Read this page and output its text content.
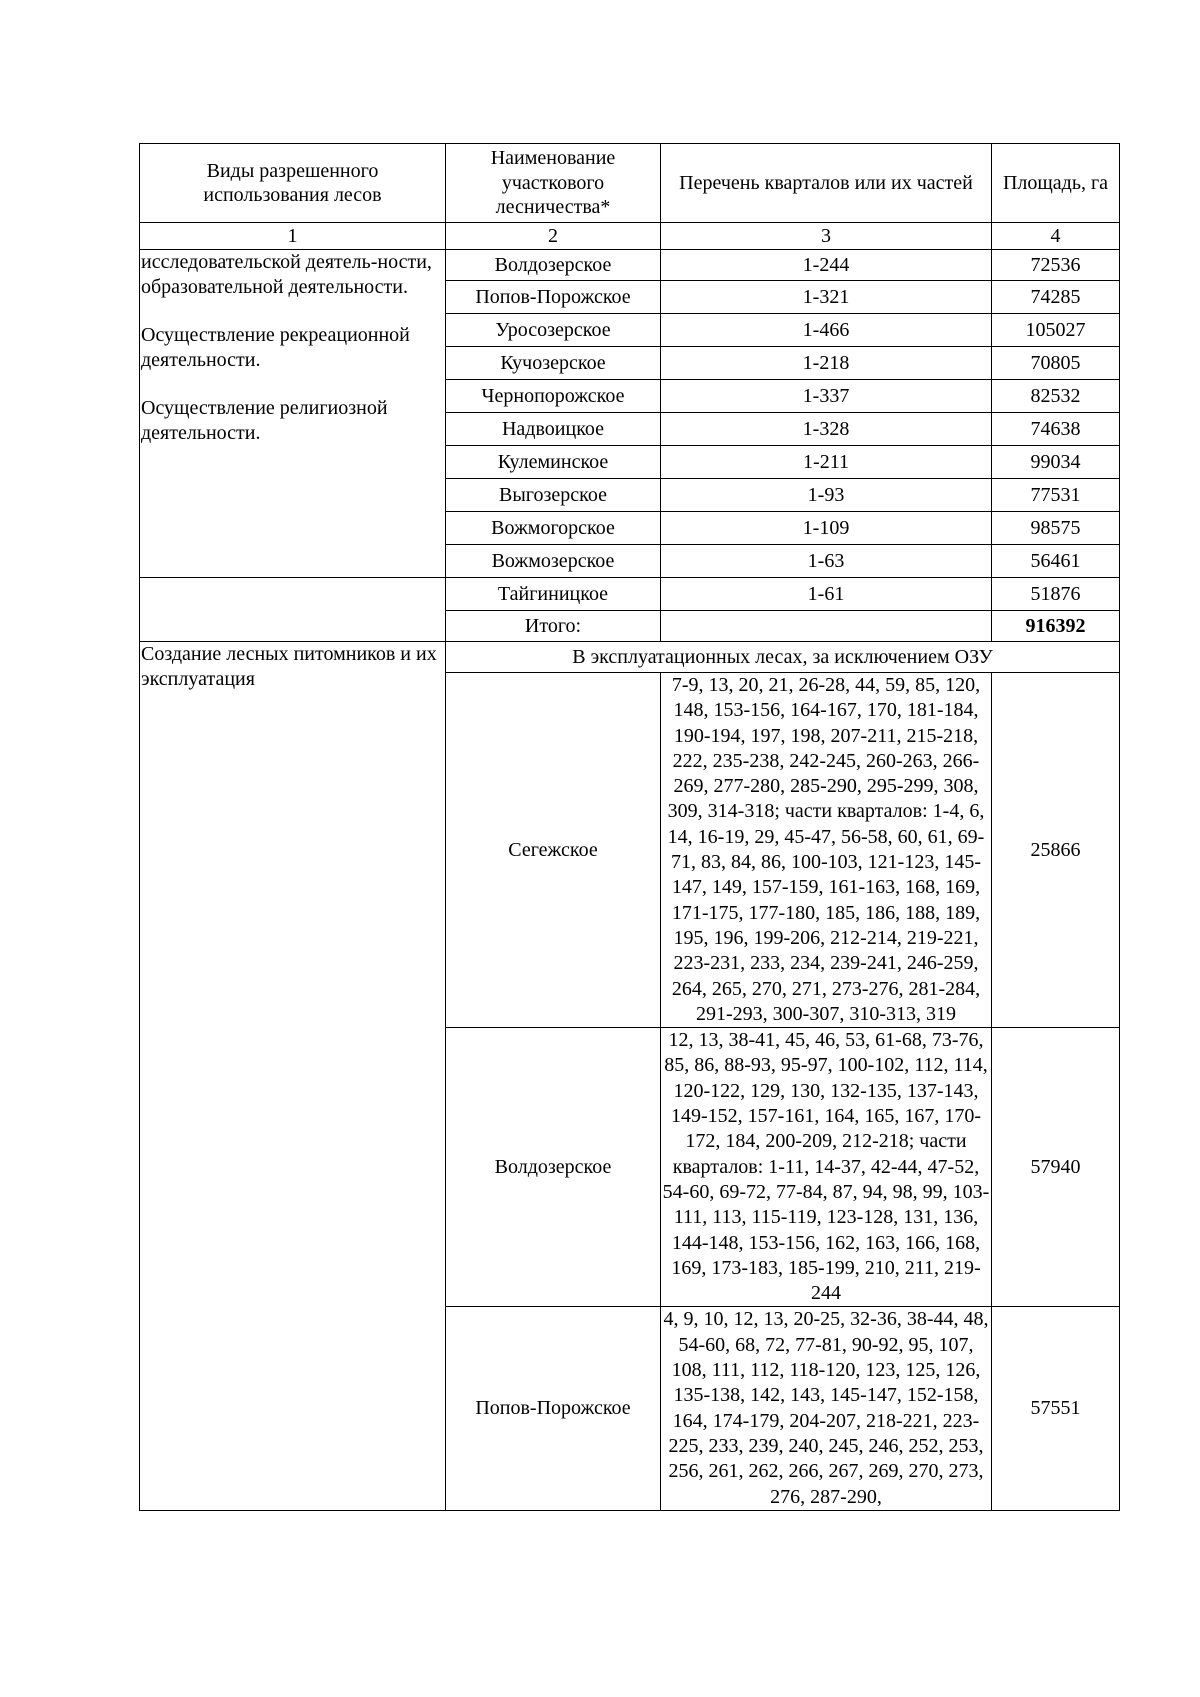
Виды разрешенного использования лесов	Наименование участкового лесничества*	Перечень кварталов или их частей	Площадь, га
1	2	3	4

исследовательской деятель-ности, образовательной деятельности.

Осуществление рекреационной деятельности.

Осуществление религиозной деятельности.	Волдозерское	1-244	72536
	Попов-Порожское	1-321	74285
	Уросозерское	1-466	105027
	Кучозерское	1-218	70805
	Чернопорожское	1-337	82532
	Надвоицкое	1-328	74638
	Кулеминское	1-211	99034
	Выгозерское	1-93	77531
	Вожмогорское	1-109	98575
	Вожмозерское	1-63	56461
	Тайгиницкое	1-61	51876
	Итого:		916392
Создание лесных питомников и их эксплуатация	В эксплуатационных лесах, за исключением ОЗУ		
	Сегежское	7-9, 13, 20, 21, 26-28, 44, 59, 85, 120, 148, 153-156, 164-167, 170, 181-184, 190-194, 197, 198, 207-211, 215-218, 222, 235-238, 242-245, 260-263, 266-269, 277-280, 285-290, 295-299, 308, 309, 314-318; части кварталов: 1-4, 6, 14, 16-19, 29, 45-47, 56-58, 60, 61, 69-71, 83, 84, 86, 100-103, 121-123, 145-147, 149, 157-159, 161-163, 168, 169, 171-175, 177-180, 185, 186, 188, 189, 195, 196, 199-206, 212-214, 219-221, 223-231, 233, 234, 239-241, 246-259, 264, 265, 270, 271, 273-276, 281-284, 291-293, 300-307, 310-313, 319	25866
	Волдозерское	12, 13, 38-41, 45, 46, 53, 61-68, 73-76, 85, 86, 88-93, 95-97, 100-102, 112, 114, 120-122, 129, 130, 132-135, 137-143, 149-152, 157-161, 164, 165, 167, 170-172, 184, 200-209, 212-218; части кварталов: 1-11, 14-37, 42-44, 47-52, 54-60, 69-72, 77-84, 87, 94, 98, 99, 103-111, 113, 115-119, 123-128, 131, 136, 144-148, 153-156, 162, 163, 166, 168, 169, 173-183, 185-199, 210, 211, 219-244	57940
	Попов-Порожское	4, 9, 10, 12, 13, 20-25, 32-36, 38-44, 48, 54-60, 68, 72, 77-81, 90-92, 95, 107, 108, 111, 112, 118-120, 123, 125, 126, 135-138, 142, 143, 145-147, 152-158, 164, 174-179, 204-207, 218-221, 223-225, 233, 239, 240, 245, 246, 252, 253, 256, 261, 262, 266, 267, 269, 270, 273, 276, 287-290,	57551
